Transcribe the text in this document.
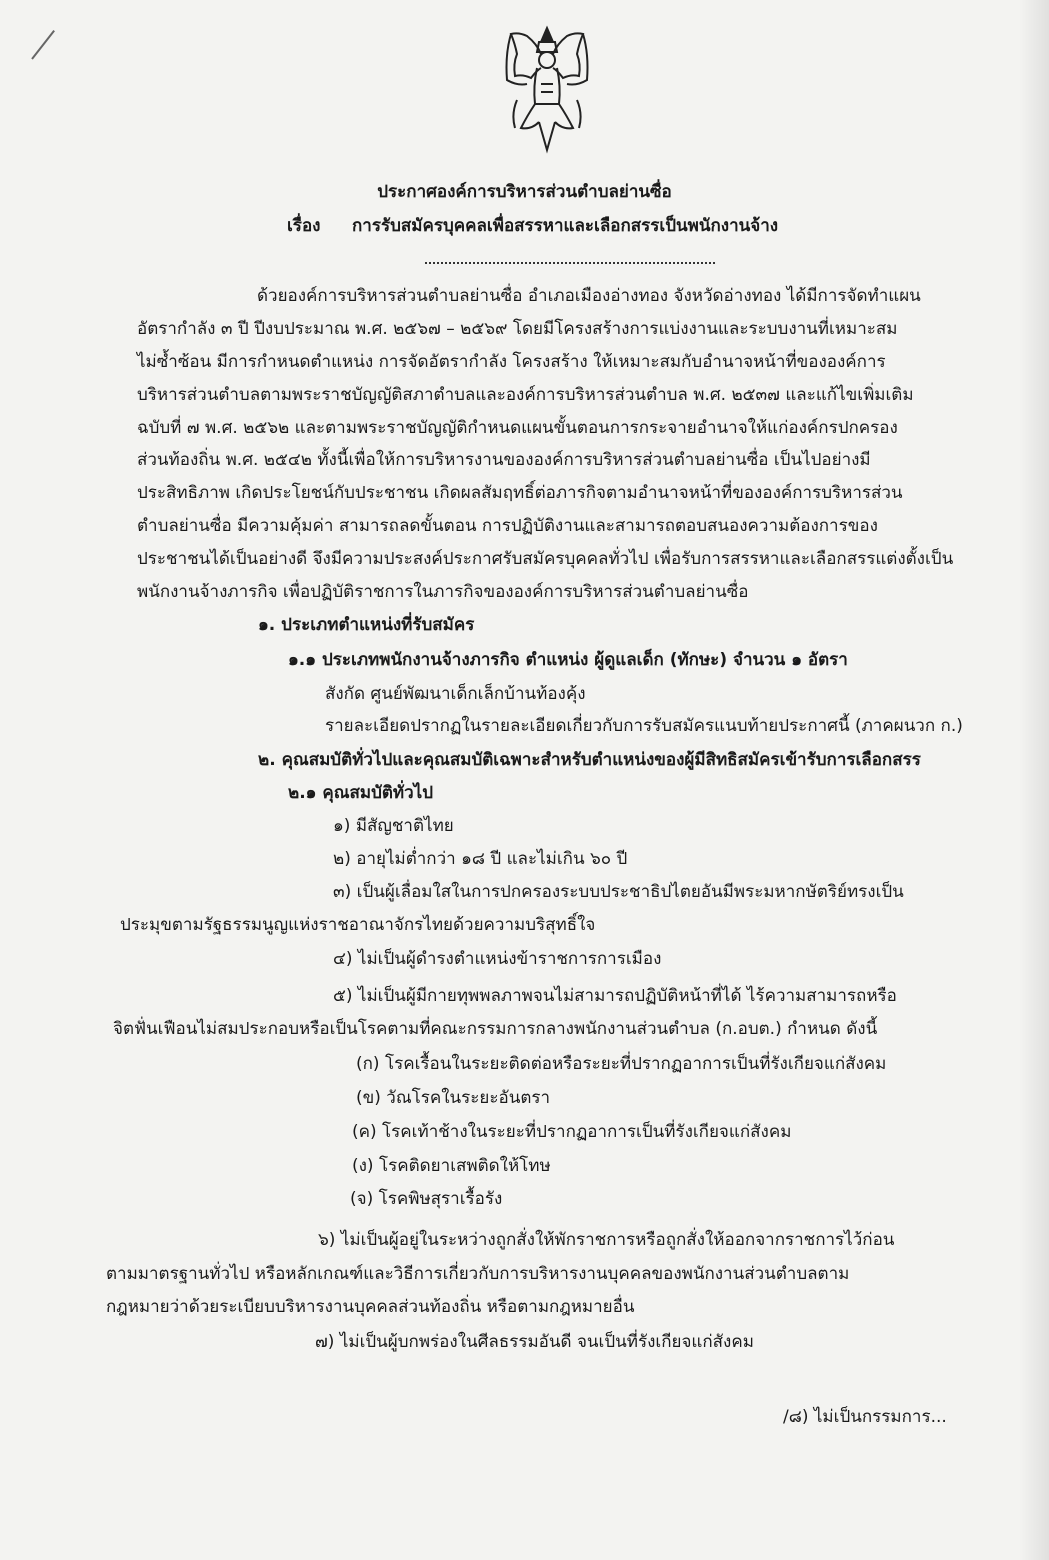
ประกาศองค์การบริหารส่วนตำบลย่านซื่อ
เรื่อง การรับสมัครบุคคลเพื่อสรรหาและเลือกสรรเป็นพนักงานจ้าง
ด้วยองค์การบริหารส่วนตำบลย่านซื่อ อำเภอเมืองอ่างทอง จังหวัดอ่างทอง ได้มีการจัดทำแผน
อัตรากำลัง ๓ ปี ปีงบประมาณ พ.ศ. ๒๕๖๗ – ๒๕๖๙ โดยมีโครงสร้างการแบ่งงานและระบบงานที่เหมาะสม
ไม่ซ้ำซ้อน มีการกำหนดตำแหน่ง การจัดอัตรากำลัง โครงสร้าง ให้เหมาะสมกับอำนาจหน้าที่ขององค์การ
บริหารส่วนตำบลตามพระราชบัญญัติสภาตำบลและองค์การบริหารส่วนตำบล พ.ศ. ๒๕๓๗ และแก้ไขเพิ่มเติม
ฉบับที่ ๗ พ.ศ. ๒๕๖๒ และตามพระราชบัญญัติกำหนดแผนขั้นตอนการกระจายอำนาจให้แก่องค์กรปกครอง
ส่วนท้องถิ่น พ.ศ. ๒๕๔๒ ทั้งนี้เพื่อให้การบริหารงานขององค์การบริหารส่วนตำบลย่านซื่อ เป็นไปอย่างมี
ประสิทธิภาพ เกิดประโยชน์กับประชาชน เกิดผลสัมฤทธิ์ต่อภารกิจตามอำนาจหน้าที่ขององค์การบริหารส่วน
ตำบลย่านซื่อ มีความคุ้มค่า สามารถลดขั้นตอน การปฏิบัติงานและสามารถตอบสนองความต้องการของ
ประชาชนได้เป็นอย่างดี จึงมีความประสงค์ประกาศรับสมัครบุคคลทั่วไป เพื่อรับการสรรหาและเลือกสรรแต่งตั้งเป็น
พนักงานจ้างภารกิจ เพื่อปฏิบัติราชการในภารกิจขององค์การบริหารส่วนตำบลย่านซื่อ
๑. ประเภทตำแหน่งที่รับสมัคร
๑.๑ ประเภทพนักงานจ้างภารกิจ ตำแหน่ง ผู้ดูแลเด็ก (ทักษะ) จำนวน ๑ อัตรา
สังกัด ศูนย์พัฒนาเด็กเล็กบ้านท้องคุ้ง
รายละเอียดปรากฏในรายละเอียดเกี่ยวกับการรับสมัครแนบท้ายประกาศนี้ (ภาคผนวก ก.)
๒. คุณสมบัติทั่วไปและคุณสมบัติเฉพาะสำหรับตำแหน่งของผู้มีสิทธิสมัครเข้ารับการเลือกสรร
๒.๑ คุณสมบัติทั่วไป
๑) มีสัญชาติไทย
๒) อายุไม่ต่ำกว่า ๑๘ ปี และไม่เกิน ๖๐ ปี
๓) เป็นผู้เลื่อมใสในการปกครองระบบประชาธิปไตยอันมีพระมหากษัตริย์ทรงเป็น
ประมุขตามรัฐธรรมนูญแห่งราชอาณาจักรไทยด้วยความบริสุทธิ์ใจ
๔) ไม่เป็นผู้ดำรงตำแหน่งข้าราชการการเมือง
๕) ไม่เป็นผู้มีกายทุพพลภาพจนไม่สามารถปฏิบัติหน้าที่ได้ ไร้ความสามารถหรือ
จิตฟั่นเฟือนไม่สมประกอบหรือเป็นโรคตามที่คณะกรรมการกลางพนักงานส่วนตำบล (ก.อบต.) กำหนด ดังนี้
(ก) โรคเรื้อนในระยะติดต่อหรือระยะที่ปรากฏอาการเป็นที่รังเกียจแก่สังคม
(ข) วัณโรคในระยะอันตรา
(ค) โรคเท้าช้างในระยะที่ปรากฏอาการเป็นที่รังเกียจแก่สังคม
(ง) โรคติดยาเสพติดให้โทษ
(จ) โรคพิษสุราเรื้อรัง
๖) ไม่เป็นผู้อยู่ในระหว่างถูกสั่งให้พักราชการหรือถูกสั่งให้ออกจากราชการไว้ก่อน
ตามมาตรฐานทั่วไป หรือหลักเกณฑ์และวิธีการเกี่ยวกับการบริหารงานบุคคลของพนักงานส่วนตำบลตาม
กฎหมายว่าด้วยระเบียบบริหารงานบุคคลส่วนท้องถิ่น หรือตามกฎหมายอื่น
๗) ไม่เป็นผู้บกพร่องในศีลธรรมอันดี จนเป็นที่รังเกียจแก่สังคม
/๘) ไม่เป็นกรรมการ...
